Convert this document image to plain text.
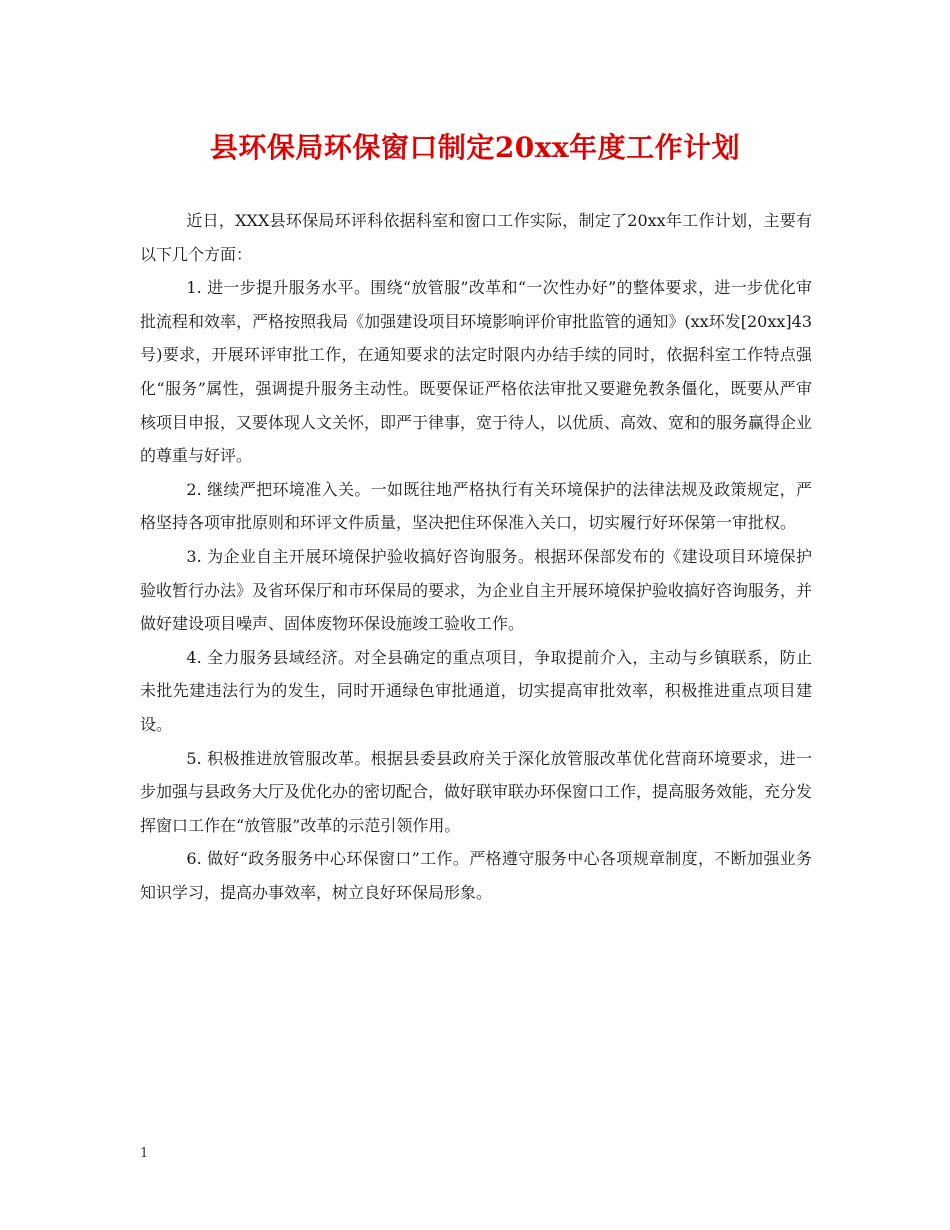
县环保局环保窗口制定20xx年度工作计划

近日，XXX县环保局环评科依据科室和窗口工作实际，制定了20xx年工作计划，主要有以下几个方面：

1. 进一步提升服务水平。围绕“放管服”改革和“一次性办好”的整体要求，进一步优化审批流程和效率，严格按照我局《加强建设项目环境影响评价审批监管的通知》(xx环发[20xx]43号)要求，开展环评审批工作，在通知要求的法定时限内办结手续的同时，依据科室工作特点强化“服务”属性，强调提升服务主动性。既要保证严格依法审批又要避免教条僵化，既要从严审核项目申报，又要体现人文关怀，即严于律事，宽于待人，以优质、高效、宽和的服务赢得企业的尊重与好评。

2. 继续严把环境准入关。一如既往地严格执行有关环境保护的法律法规及政策规定，严格坚持各项审批原则和环评文件质量，坚决把住环保准入关口，切实履行好环保第一审批权。

3. 为企业自主开展环境保护验收搞好咨询服务。根据环保部发布的《建设项目环境保护验收暂行办法》及省环保厅和市环保局的要求，为企业自主开展环境保护验收搞好咨询服务，并做好建设项目噪声、固体废物环保设施竣工验收工作。

4. 全力服务县域经济。对全县确定的重点项目，争取提前介入，主动与乡镇联系，防止未批先建违法行为的发生，同时开通绿色审批通道，切实提高审批效率，积极推进重点项目建设。

5. 积极推进放管服改革。根据县委县政府关于深化放管服改革优化营商环境要求，进一步加强与县政务大厅及优化办的密切配合，做好联审联办环保窗口工作，提高服务效能，充分发挥窗口工作在“放管服”改革的示范引领作用。

6. 做好“政务服务中心环保窗口”工作。严格遵守服务中心各项规章制度，不断加强业务知识学习，提高办事效率，树立良好环保局形象。

1
